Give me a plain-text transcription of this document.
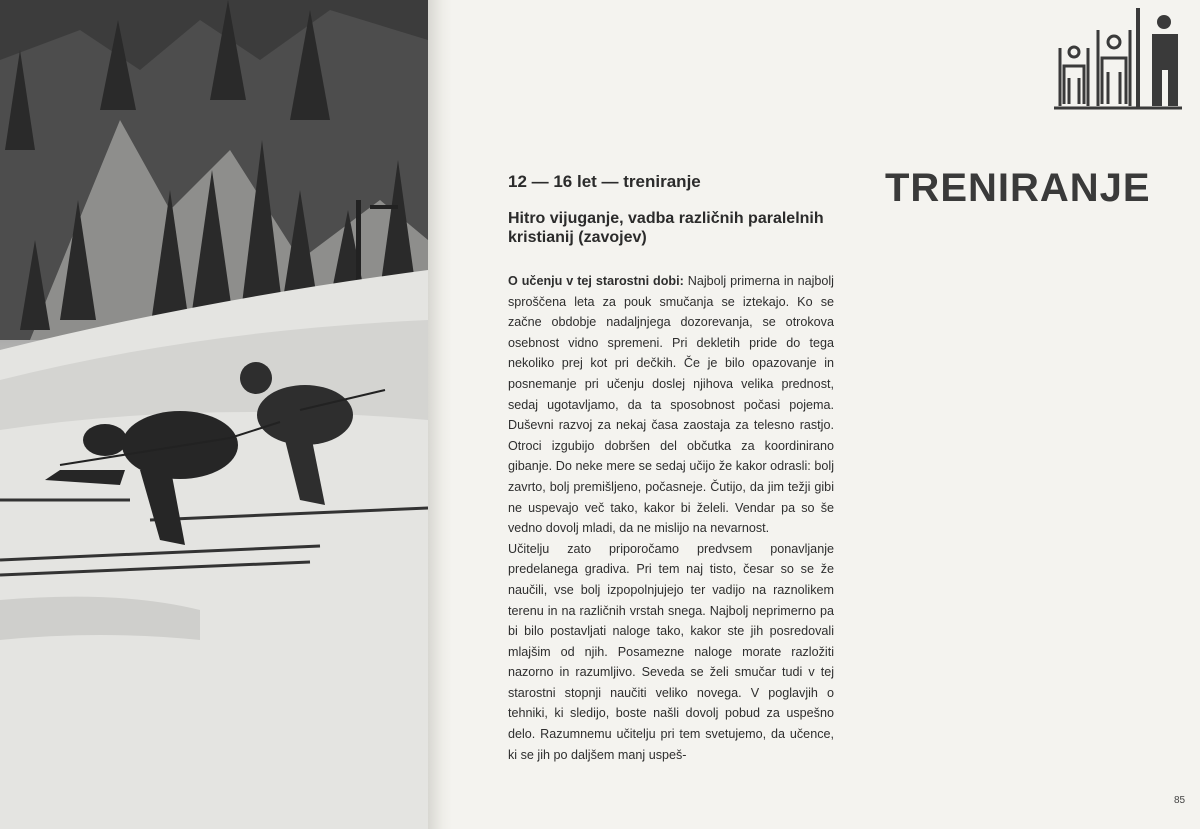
12 — 16 let — treniranje
Hitro vijuganje, vadba različnih paralelnih kristianij (zavojev)
TRENIRANJE

O učenju v tej starostni dobi: Najbolj primerna in najbolj sproščena leta za pouk smučanja se iztekajo. Ko se začne obdobje nadaljnjega dozorevanja, se otrokova osebnost vidno spremeni. Pri dekletih pride do tega nekoliko prej kot pri dečkih. Če je bilo opazovanje in posnemanje pri učenju doslej njihova velika prednost, sedaj ugotavljamo, da ta sposobnost počasi pojema. Duševni razvoj za nekaj časa zaostaja za telesno rastjo. Otroci izgubijo dobršen del občutka za koordinirano gibanje. Do neke mere se sedaj učijo že kakor odrasli: bolj zavrto, bolj premišljeno, počasneje. Čutijo, da jim težji gibi ne uspevajo več tako, kakor bi želeli. Vendar pa so še vedno dovolj mladi, da ne mislijo na nevarnost.

Učitelju zato priporočamo predvsem ponavljanje predelanega gradiva. Pri tem naj tisto, česar so se že naučili, vse bolj izpopolnjujejo ter vadijo na raznolikem terenu in na različnih vrstah snega. Najbolj neprimerno pa bi bilo postavljati naloge tako, kakor ste jih posredovali mlajšim od njih. Posamezne naloge morate razložiti nazorno in razumljivo. Seveda se želi smučar tudi v tej starostni stopnji naučiti veliko novega. V poglavjih o tehniki, ki sledijo, boste našli dovolj pobud za uspešno delo. Razumnemu učitelju pri tem svetujemo, da učence, ki se jih po daljšem manj uspeš-

85
